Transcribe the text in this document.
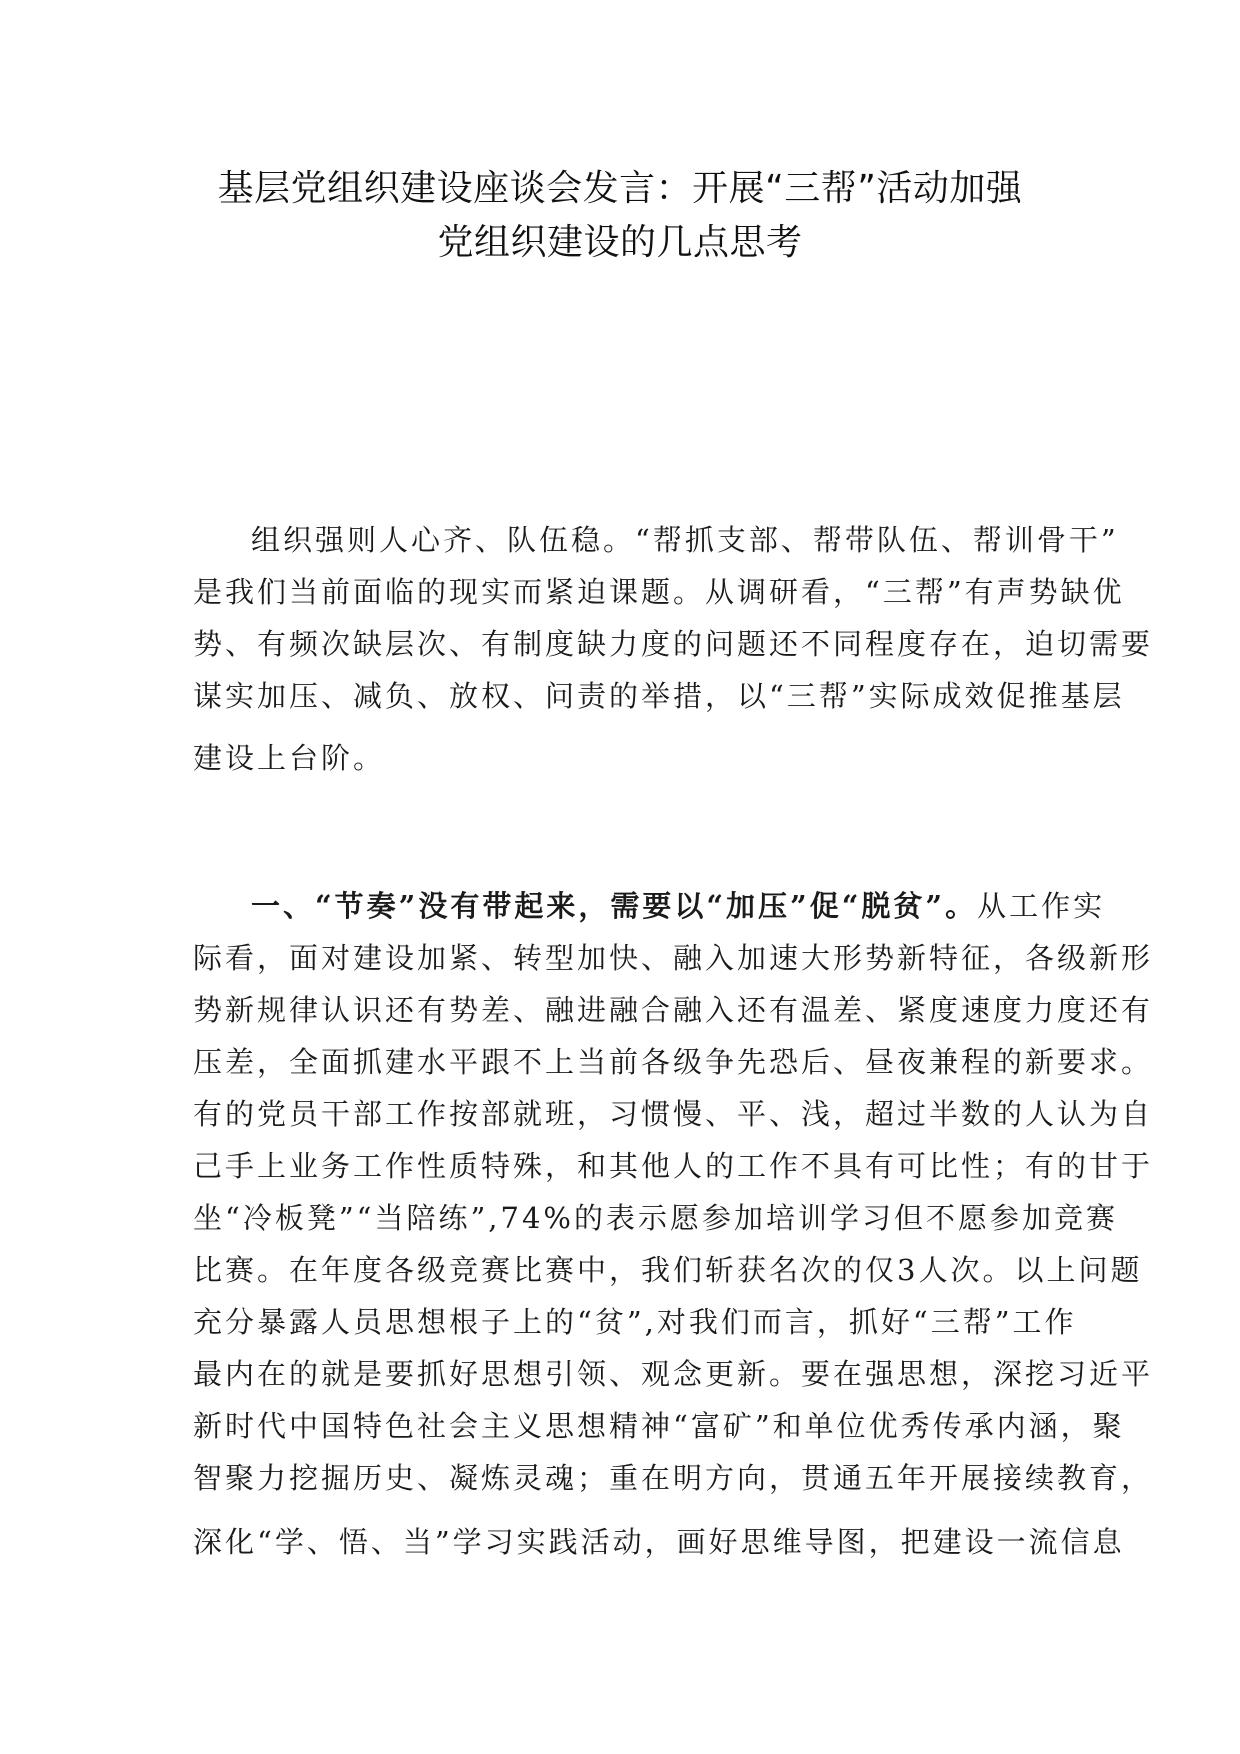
基层党组织建设座谈会发言：开展“三帮”活动加强
党组织建设的几点思考
组织强则人心齐、队伍稳。“帮抓支部、帮带队伍、帮训骨干”
是我们当前面临的现实而紧迫课题。从调研看，“三帮”有声势缺优
势、有频次缺层次、有制度缺力度的问题还不同程度存在，迫切需要
谋实加压、减负、放权、问责的举措，以“三帮”实际成效促推基层
建设上台阶。
一、“节奏”没有带起来，需要以“加压”促“脱贫”。从工作实
际看，面对建设加紧、转型加快、融入加速大形势新特征，各级新形
势新规律认识还有势差、融进融合融入还有温差、紧度速度力度还有
压差，全面抓建水平跟不上当前各级争先恐后、昼夜兼程的新要求。
有的党员干部工作按部就班，习惯慢、平、浅，超过半数的人认为自
己手上业务工作性质特殊，和其他人的工作不具有可比性；有的甘于
坐“冷板凳”“当陪练”,74%的表示愿参加培训学习但不愿参加竞赛
比赛。在年度各级竞赛比赛中，我们斩获名次的仅3人次。以上问题
充分暴露人员思想根子上的“贫”,对我们而言，抓好“三帮”工作
最内在的就是要抓好思想引领、观念更新。要在强思想，深挖习近平
新时代中国特色社会主义思想精神“富矿”和单位优秀传承内涵，聚
智聚力挖掘历史、凝炼灵魂；重在明方向，贯通五年开展接续教育，
深化“学、悟、当”学习实践活动，画好思维导图，把建设一流信息
